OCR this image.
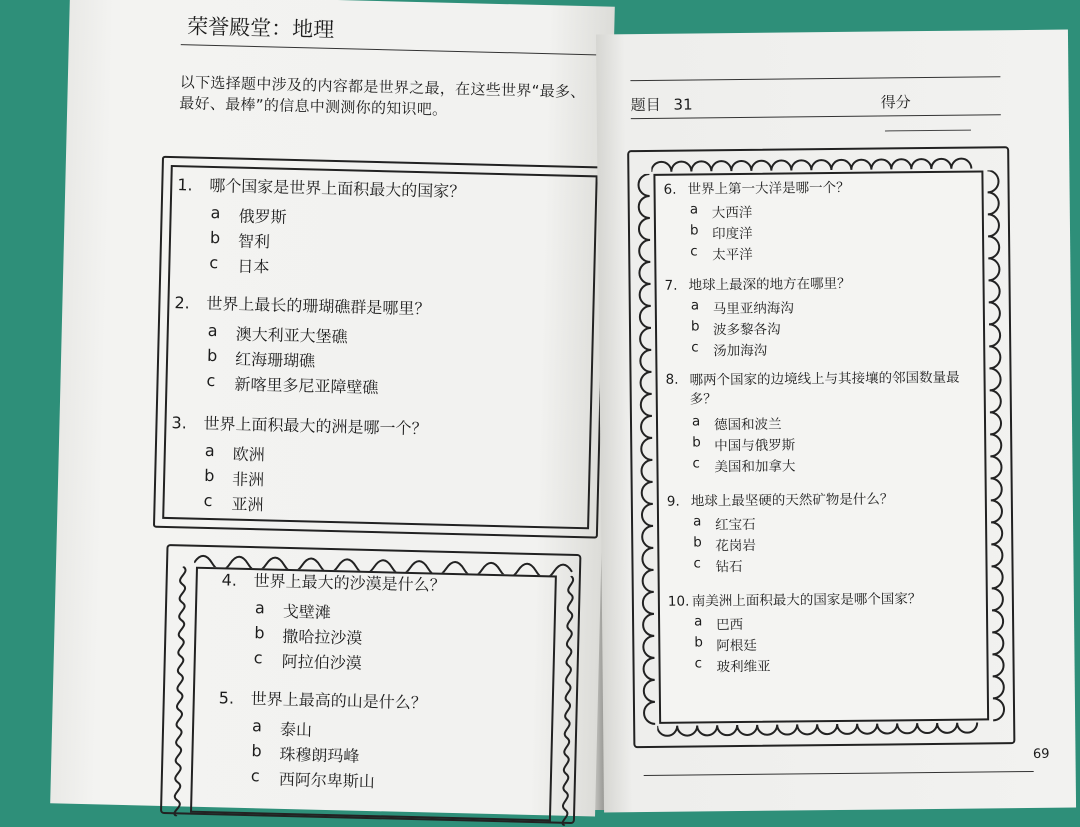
荣誉殿堂：地理
以下选择题中涉及的内容都是世界之最，在这些世界“最多、最好、最棒”的信息中测测你的知识吧。
1. 哪个国家是世界上面积最大的国家？
a	俄罗斯
b	智利
c	日本
2. 世界上最长的珊瑚礁群是哪里？
a	澳大利亚大堡礁
b	红海珊瑚礁
c	新喀里多尼亚障壁礁
3. 世界上面积最大的洲是哪一个？
a	欧洲
b	非洲
c	亚洲
4. 世界上最大的沙漠是什么？
a	戈壁滩
b	撒哈拉沙漠
c	阿拉伯沙漠
5. 世界上最高的山是什么？
a	泰山
b	珠穆朗玛峰
c	西阿尔卑斯山
题目 31	得分
6. 世界上第一大洋是哪一个？
a	大西洋
b 印度洋
c	太平洋
7. 地球上最深的地方在哪里？
a	马里亚纳海沟
b 波多黎各沟
c	汤加海沟
8. 哪两个国家的边境线上与其接壤的邻国数量最多？
a	德国和波兰
b 中国与俄罗斯
c	美国和加拿大
9. 地球上最坚硬的天然矿物是什么？
a	红宝石
b 花岗岩
c	钻石
10. 南美洲上面积最大的国家是哪个国家？
a	巴西
b 阿根廷
c	玻利维亚
69
